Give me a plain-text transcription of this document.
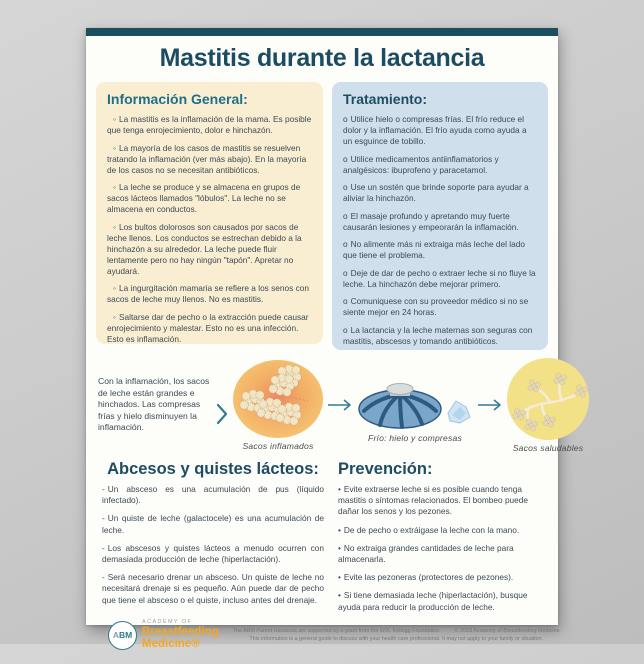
Mastitis durante la lactancia
Información General:

◦ La mastitis es la inflamación de la mama. Es posible que tenga enrojecimiento, dolor e hinchazón.

◦ La mayoría de los casos de mastitis se resuelven tratando la inflamación (ver más abajo). En la mayoría de los casos no se necesitan antibióticos.

◦ La leche se produce y se almacena en grupos de sacos lácteos llamados "lóbulos". La leche no se almacena en conductos.

◦ Los bultos dolorosos son causados por sacos de leche llenos. Los conductos se estrechan debido a la hinchazón a su alrededor. La leche puede fluir lentamente pero no hay ningún "tapón". Apretar no ayudará.

◦ La ingurgitación mamaria se refiere a los senos con sacos de leche muy llenos. No es mastitis.

◦ Saltarse dar de pecho o la extracción puede causar enrojecimiento y malestar. Esto no es una infección. Esto es inflamación.

Tratamiento:

o Utilice hielo o compresas frías. El frío reduce el dolor y la inflamación. El frío ayuda como ayuda a un esguince de tobillo.

o Utilice medicamentos antiinflamatorios y analgésicos: ibuprofeno y paracetamol.

o Use un sostén que brinde soporte para ayudar a aliviar la hinchazón.

o El masaje profundo y apretando muy fuerte causarán lesiones y empeorarán la inflamación.

o No alimente más ni extraiga más leche del lado que tiene el problema.

o Deje de dar de pecho o extraer leche si no fluye la leche. La hinchazón debe mejorar primero.

o Comuniquese con su proveedor médico si no se siente mejor en 24 horas.

o La lactancia y la leche maternas son seguras con mastitis, abscesos y tomando antibióticos.

Con la inflamación, los sacos de leche están grandes e hinchados. Las compresas frías y hielo disminuyen la inflamación.
Sacos inflamados
Frío: hielo y compresas
Sacos saludables
Abcesos y quistes lácteos:

- Un absceso es una acumulación de pus (líquido infectado).

- Un quiste de leche (galactocele) es una acumulación de leche.

- Los abscesos y quistes lácteos a menudo ocurren con demasiada producción de leche (hiperlactación).

- Será necesario drenar un absceso. Un quiste de leche no necesitará drenaje si es pequeño. Aún puede dar de pecho que tiene el absceso o el quiste, incluso antes del drenaje.

Prevención:

• Evite extraerse leche si es posible cuando tenga mastitis o síntomas relacionados. El bombeo puede dañar los senos y los pezones.

• De de pecho o extráigase la leche con la mano.

• No extraiga grandes cantidades de leche para almacenarla.

• Evite las pezoneras (protectores de pezones).

• Si tiene demasiada leche (hiperlactación), busque ayuda para reducir la producción de leche.

A BM
ACADEMY OF
Breastfeeding
Medicine®
The ABM Parent Handouts are supported by a grant from the W.K. Kellogg Foundation.	© 2023 Academy of Breastfeeding Medicine
This information is a general guide to discuss with your health care professional. It may not apply to your family or situation.
